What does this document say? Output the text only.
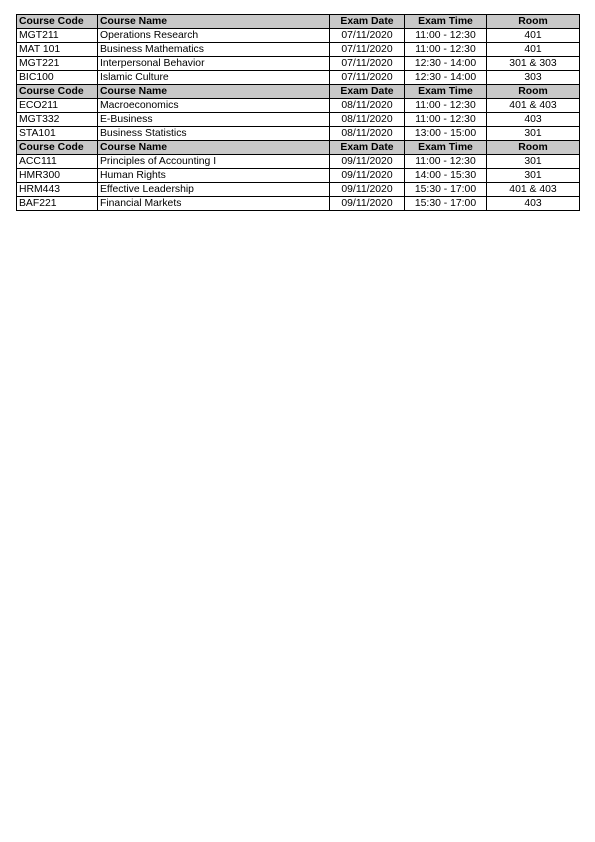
Course Code	Course Name	Exam Date	Exam Time	Room
MGT211	Operations Research	07/11/2020	11:00 - 12:30	401
MAT 101	Business Mathematics	07/11/2020	11:00 - 12:30	401
MGT221	Interpersonal Behavior	07/11/2020	12:30 - 14:00	301 & 303
BIC100	Islamic Culture	07/11/2020	12:30 - 14:00	303
Course Code	Course Name	Exam Date	Exam Time	Room
ECO211	Macroeconomics	08/11/2020	11:00 - 12:30	401 & 403
MGT332	E-Business	08/11/2020	11:00 - 12:30	403
STA101	Business Statistics	08/11/2020	13:00 - 15:00	301
Course Code	Course Name	Exam Date	Exam Time	Room
ACC111	Principles of Accounting I	09/11/2020	11:00 - 12:30	301
HMR300	Human Rights	09/11/2020	14:00 - 15:30	301
HRM443	Effective Leadership	09/11/2020	15:30 - 17:00	401 & 403
BAF221	Financial Markets	09/11/2020	15:30 - 17:00	403
